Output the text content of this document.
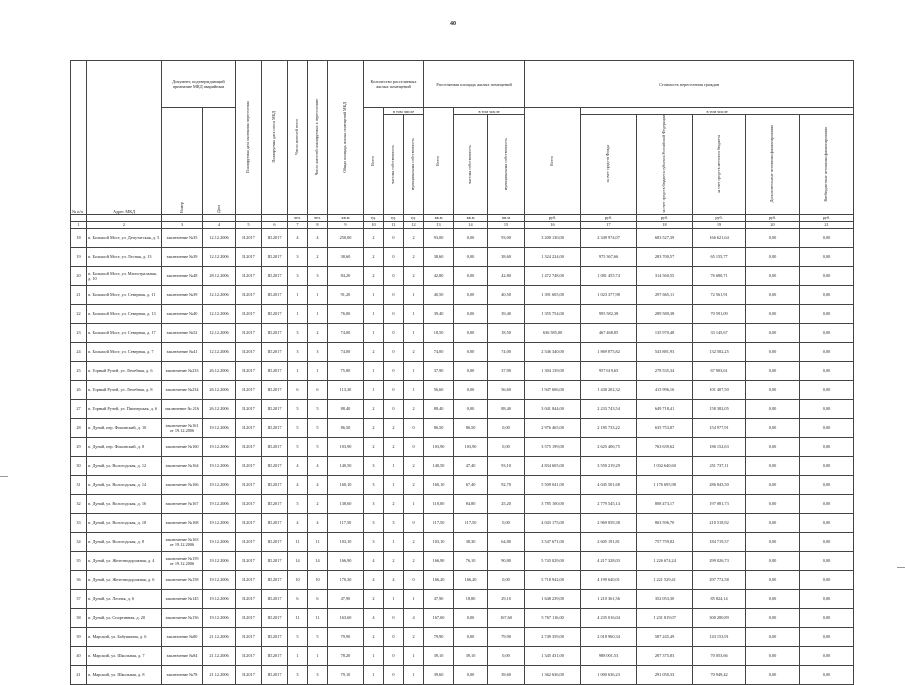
40
№ п/п	Адрес МКД	Документ, подтверждающий признание МКД аварийным		Планируемая дата окончания переселения	Планируемая дата сноса МКД	Число жителей всего	Число жителей планируемых к переселению	Общая площадь жилых помещений МКД	Количество расселяемых жилых помещений			Расселяемая площадь жилых помещений			Стоимость переселения граждан					
		Номер	Дата						Всего	в том числе		Всего	в том числе		Всего	в том числе				
										частная собственность	муниципальная собственность		частная собственность	муниципальная собственность		за счет средств Фонда	за счет средств бюджета субъекта Российской Федерации	за счет средств местного бюджета	Дополнительные источники финансирования	Внебюджетные источники финансирования
						чел.	чел.	кв.м	ед.	ед.	ед.	кв.м	кв.м	кв.м	руб.	руб.	руб.	руб.	руб.	руб.
1	2	3	4	5	6	7	8	9	10	11	12	13	14	15	16	17	18	19	20	21
18	п. Большой Мост, ул. Депутатская, д. 5	заключение №35	12.12.2006	II.2017	III.2017	4	4	250,00	2	0	2	93,00	0,00	93,00	3 200 130,00	2 349 974,07	683 527,39	166 621,64	0,00	0,00
19	п. Большой Мост, ул. Лесная, д. 13	заключение №39	12.12.2006	II.2017	III.2017	3	2	38,60	2	0	2	38,60	0,00	38,60	1 324 224,00	975 367,66	283 700,57	65 155,77	0,00	0,00
20	п. Большой Мост, ул. Магистральная, д. 10	заключение №48	28.12.2006	II.2017	III.2017	3	3	84,20	2	0	2	42,80	0,00	42,80	1 472 748,00	1 081 455,74	314 560,55	76 680,71	0,00	0,00
21	п. Большой Мост, ул. Северная, д. 11	заключение №39	12.12.2006	II.2017	III.2017	1	1	91,20	1	0	1	40,50	0,00	40,50	1 391 605,00	1 023 377,98	297 665,11	72 561,91	0,00	0,00
22	п. Большой Мост, ул. Северная, д. 13	заключение №40	12.12.2006	II.2017	III.2017	1	1	76,00	1	0	1	39,40	0,00	39,40	1 355 754,00	995 582,38	289 580,38	70 591,09	0,00	0,00
23	п. Большой Мост, ул. Северная, д. 17	заключение №52	12.12.2006	II.2017	III.2017	3	2	74,00	1	0	1	18,50	0,00	18,50	636 585,00	467 468,85	135 970,48	33 145,67	0,00	0,00
24	п. Большой Мост, ул. Северная, д. 7	заключение №41	12.12.2006	II.2017	III.2017	3	3	74,00	2	0	2	74,00	0,00	74,00	2 546 340,00	1 869 875,82	543 881,93	132 582,25	0,00	0,00
25	п. Горный Ручей, ул. Лечебная, д. 6	заключение №233	26.12.2006	II.2017	III.2017	1	1	75,80	1	0	1	37,90	0,00	37,90	1 304 139,00	957 619,65	278 535,34	67 903,61	0,00	0,00
26	п. Горный Ручей, ул. Лечебная, д. 8	заключение №234	26.12.2006	II.2017	III.2017	6	6	113,30	1	0	1	56,60	0,00	56,60	1 947 606,00	1 430 202,32	415 996,16	101 407,50	0,00	0,00
27	п. Горный Ручей, ул. Пионерская, д. 6	заключение № 216	26.12.2006	II.2017	III.2017	5	5	88,40	2	0	2	88,40	0,00	88,40	3 041 844,00	2 233 743,54	649 718,41	158 382,05	0,00	0,00
28	п. Дунай, пер. Фокинский, д. 10	заключение №161 от 19.12.2006	19.12.2006	II.2017	III.2017	5	5	86,50	2	2	0	86,50	86,50	0,00	2 976 465,00	2 185 733,22	635 753,87	154 977,91	0,00	0,00
29	п. Дунай, пер. Фокинский, д. 8	заключение №160	19.12.2006	II.2017	III.2017	5	5	103,90	2	2	0	103,90	103,90	0,00	3 575 199,00	2 625 406,75	763 639,62	186 152,63	0,00	0,00
30	п. Дунай, ул. Вологодская, д. 12	заключение №164	19.12.2006	II.2017	III.2017	4	4	140,50	3	1	2	140,50	47,40	93,10	4 834 605,00	3 550 219,29	1 032 640,60	251 737,11	0,00	0,00
31	п. Дунай, ул. Вологодская, д. 14	заключение №166	19.12.2006	II.2017	III.2017	4	4	160,10	3	1	2	160,10	67,40	92,70	5 509 041,00	4 045 501,68	1 176 695,98	286 843,50	0,00	0,00
32	п. Дунай, ул. Вологодская, д. 16	заключение №167	19.12.2006	II.2017	III.2017	5	2	138,60	3	2	1	110,00	84,80	25,20	3 785 100,00	2 779 545,14	808 473,17	197 081,73	0,00	0,00
33	п. Дунай, ул. Вологодская, д. 18	заключение №168	19.12.2006	II.2017	III.2017	4	4	117,50	3	3	0	117,50	117,50	0,00	4 043 175,00	2 969 059,38	863 596,70	210 518,92	0,00	0,00
34	п. Дунай, ул. Вологодская, д. 8	заключение №163 от 19.12.2006	19.12.2006	II.2017	III.2017	11	11	103,10	3	1	2	103,10	38,30	64,80	3 547 671,00	2 605 191,81	757 759,82	184 719,37	0,00	0,00
35	п. Дунай, ул. Железнодорожная, д. 4	заключение №159 от 19.12.2006	19.12.2006	II.2017	III.2017	14	14	166,90	4	2	2	166,90	76,10	90,80	5 743 029,00	4 217 328,03	1 226 674,24	299 026,73	0,00	0,00
36	п. Дунай, ул. Железнодорожная, д. 6	заключение №158	19.12.2006	II.2017	III.2017	10	10	170,30	4	4	0	166,20	166,20	0,00	5 718 942,00	4 199 640,01	1 221 529,41	297 772,58	0,00	0,00
37	п. Дунай, ул. Лесная, д. 6	заключение №145	19.12.2006	II.2017	III.2017	6	6	47,90	2	1	1	47,90	18,80	29,10	1 648 239,00	1 210 361,56	352 053,30	85 824,14	0,00	0,00
38	п. Дунай, ул. Спортивная, д. 20	заключение №156	19.12.2006	II.2017	III.2017	11	11	163,60	4	0	4	167,60	0,00	167,60	5 767 116,00	4 235 016,04	1 231 819,07	300 280,89	0,00	0,00
39	п. Марский, ул. Бабушкина, д. 6	заключение №80	21.12.2006	II.2017	III.2017	5	5	79,90	2	0	2	79,90	0,00	79,90	2 749 359,00	2 018 960,34	587 245,49	143 153,91	0,00	0,00
40	п. Марский, ул. Школьная, д. 7	заключение №84	21.12.2006	II.2017	III.2017	1	1	78,20	1	0	1	39,10	39,10	0,00	1 345 431,00	988 001,53	287 375,83	70 053,66	0,00	0,00
41	п. Марский, ул. Школьная, д. 8	заключение №78	21.12.2006	II.2017	III.2017	3	3	79,10	1	0	1	39,60	0,00	39,60	1 362 636,00	1 000 636,23	291 050,33	70 949,42	0,00	0,00
